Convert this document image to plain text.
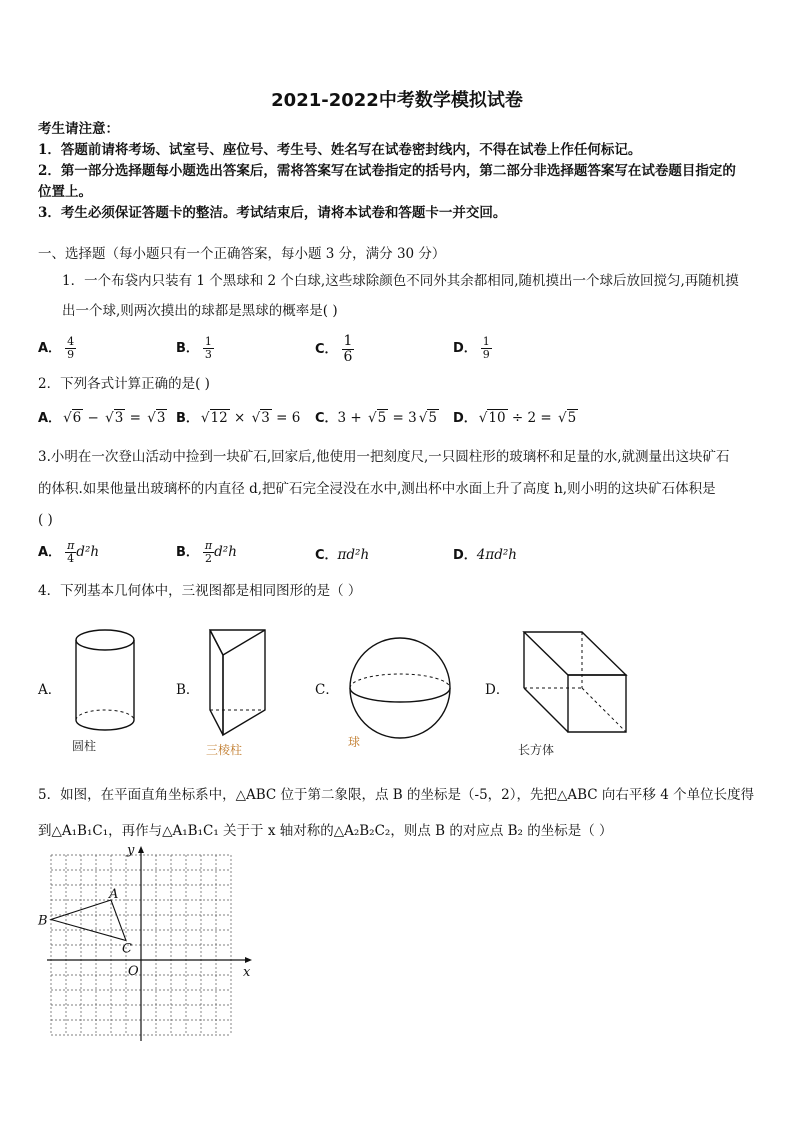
2021-2022中考数学模拟试卷
考生请注意：
1．答题前请将考场、试室号、座位号、考生号、姓名写在试卷密封线内，不得在试卷上作任何标记。
2．第一部分选择题每小题选出答案后，需将答案写在试卷指定的括号内，第二部分非选择题答案写在试卷题目指定的
位置上。
3．考生必须保证答题卡的整洁。考试结束后，请将本试卷和答题卡一并交回。
一、选择题（每小题只有一个正确答案，每小题 3 分，满分 30 分）
1．一个布袋内只装有 1 个黑球和 2 个白球,这些球除颜色不同外其余都相同,随机摸出一个球后放回搅匀,再随机摸
出一个球,则两次摸出的球都是黑球的概率是( )
A． $\frac{4}{9}$	B． $\frac{1}{3}$	C． $\frac{1}{6}$	D． $\frac{1}{9}$
2．下列各式计算正确的是( )
A． √6 − √3 = √3 B． √12 × √3 = 6 C．3 + √5 = 3 √5 D． √10 ÷ 2 = √5
3.小明在一次登山活动中捡到一块矿石,回家后,他使用一把刻度尺,一只圆柱形的玻璃杯和足量的水,就测量出这块矿石
的体积.如果他量出玻璃杯的内直径 d,把矿石完全浸没在水中,测出杯中水面上升了高度 h,则小明的这块矿石体积是
( )
A． $\frac{\pi}{4} d^2h$	B． $\frac{\pi}{2} d^2h$	C．πd²h	D．4πd²h
4．下列基本几何体中，三视图都是相同图形的是（ ）
A．
圆柱
B．
三棱柱
C．	D．
5．如图，在平面直角坐标系中，△ABC 位于第二象限，点 B 的坐标是（-5，2），先把△ABC 向右平移 4 个单位长度得
到△A₁B₁C₁，再作与△A₁B₁C₁ 关于于 x 轴对称的△A₂B₂C₂，则点 B 的对应点 B₂ 的坐标是（ ）
y
x
O
A
B
C
球
长方体
